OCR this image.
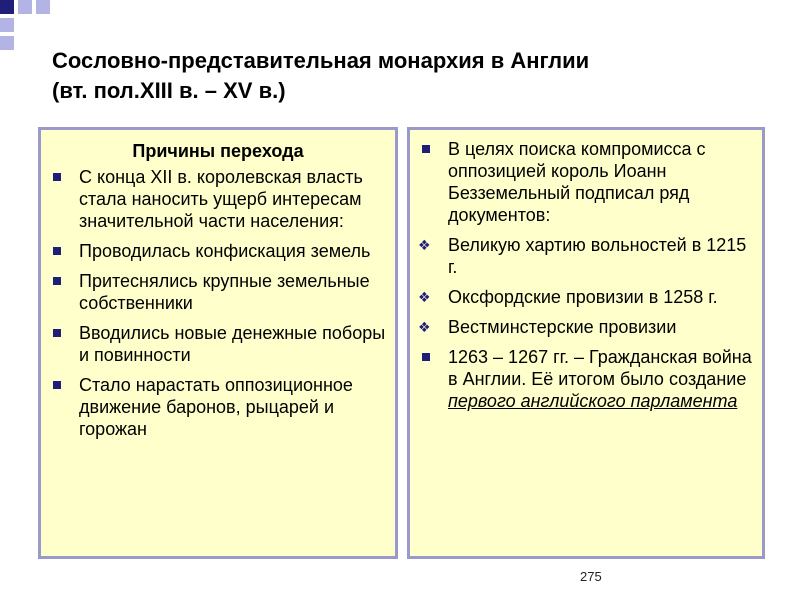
Сословно-представительная монархия в Англии
(вт. пол.XIII в. – XV в.)
Причины перехода
С конца XII в. королевская власть стала наносить ущерб интересам значительной части населения:
Проводилась конфискация земель
Притеснялись крупные земельные собственники
Вводились новые денежные поборы и повинности
Стало нарастать оппозиционное движение баронов, рыцарей и горожан
В целях поиска компромисса с оппозицией король Иоанн Безземельный подписал ряд документов:
❖ Великую хартию вольностей в 1215 г.
❖ Оксфордские провизии в 1258 г.
❖ Вестминстерские провизии
1263 – 1267 гг. – Гражданская война в Англии. Её итогом было создание первого английского парламента
275
